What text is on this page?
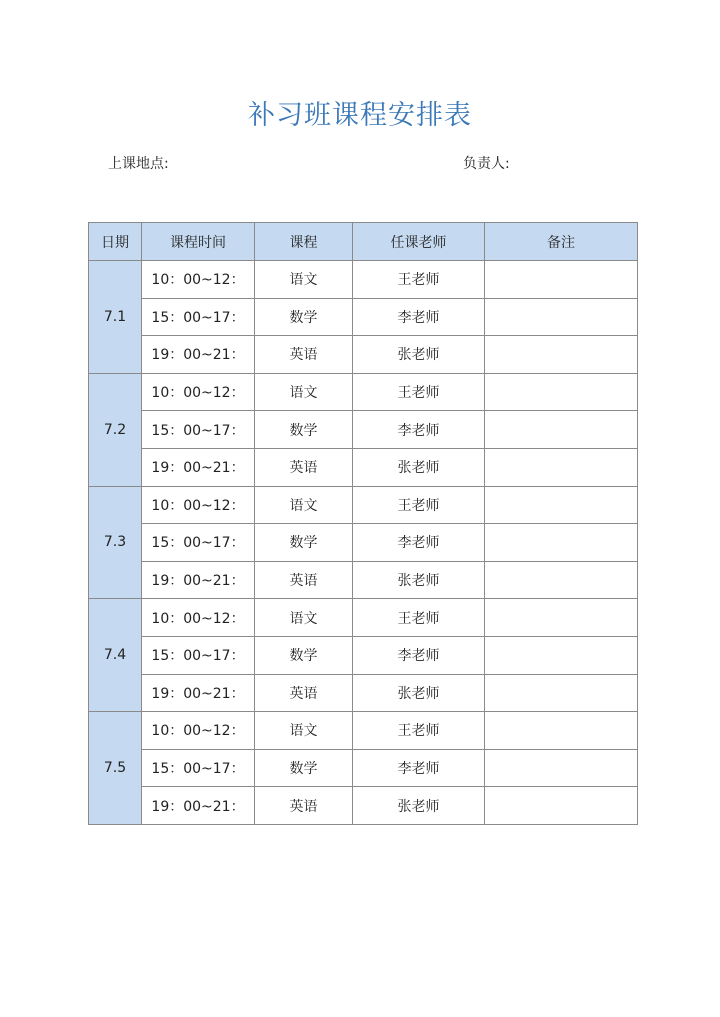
补习班课程安排表
上课地点:	负责人:
日期	课程时间	课程	任课老师	备注
7.1	10：00~12：	语文	王老师	
	15：00~17：	数学	李老师	
	19：00~21：	英语	张老师	
7.2	10：00~12：	语文	王老师	
	15：00~17：	数学	李老师	
	19：00~21：	英语	张老师	
7.3	10：00~12：	语文	王老师	
	15：00~17：	数学	李老师	
	19：00~21：	英语	张老师	
7.4	10：00~12：	语文	王老师	
	15：00~17：	数学	李老师	
	19：00~21：	英语	张老师	
7.5	10：00~12：	语文	王老师	
	15：00~17：	数学	李老师	
	19：00~21：	英语	张老师	
